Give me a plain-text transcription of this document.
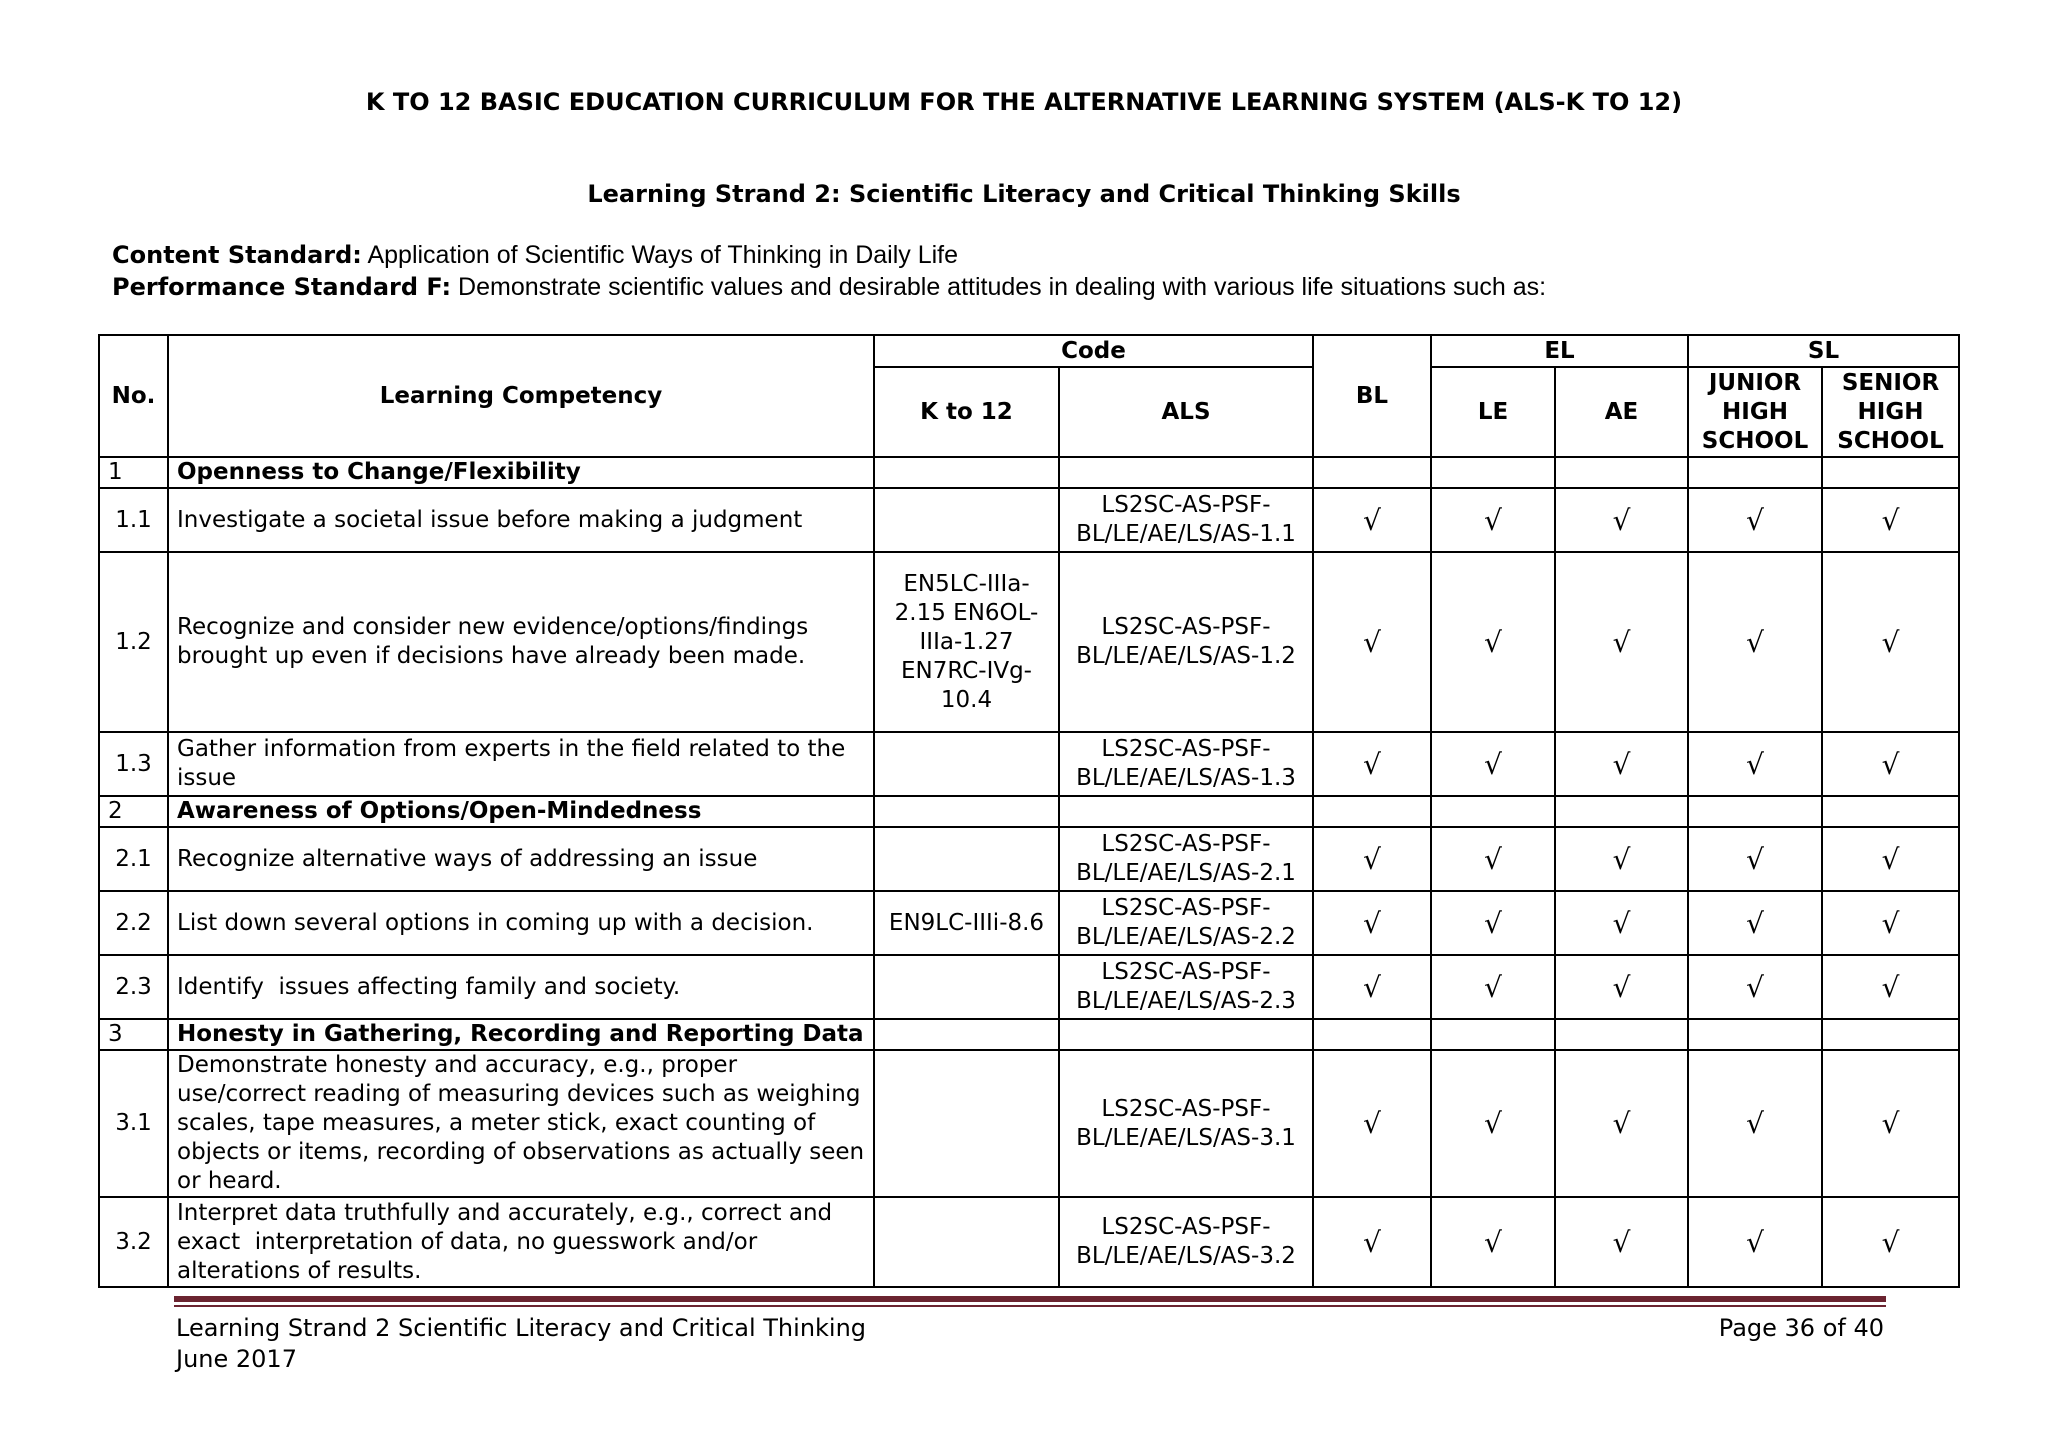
K TO 12 BASIC EDUCATION CURRICULUM FOR THE ALTERNATIVE LEARNING SYSTEM (ALS-K TO 12)
Learning Strand 2: Scientific Literacy and Critical Thinking Skills
Content Standard: Application of Scientific Ways of Thinking in Daily Life
Performance Standard F: Demonstrate scientific values and desirable attitudes in dealing with various life situations such as:
No.	Learning Competency	Code		BL	EL		SL	
		K to 12	ALS		LE	AE	JUNIOR HIGH SCHOOL	SENIOR HIGH SCHOOL
1	Openness to Change/Flexibility							
1.1	Investigate a societal issue before making a judgment		LS2SC-AS-PSF-BL/LE/AE/LS/AS-1.1	√	√	√	√	√
1.2	Recognize and consider new evidence/options/findings brought up even if decisions have already been made.	EN5LC-IIIa-2.15 EN6OL-IIIa-1.27 EN7RC-IVg-10.4	LS2SC-AS-PSF-BL/LE/AE/LS/AS-1.2	√	√	√	√	√
1.3	Gather information from experts in the field related to the issue		LS2SC-AS-PSF-BL/LE/AE/LS/AS-1.3	√	√	√	√	√
2	Awareness of Options/Open-Mindedness							
2.1	Recognize alternative ways of addressing an issue		LS2SC-AS-PSF-BL/LE/AE/LS/AS-2.1	√	√	√	√	√
2.2	List down several options in coming up with a decision.	EN9LC-IIIi-8.6	LS2SC-AS-PSF-BL/LE/AE/LS/AS-2.2	√	√	√	√	√
2.3	Identify  issues affecting family and society.		LS2SC-AS-PSF-BL/LE/AE/LS/AS-2.3	√	√	√	√	√
3	Honesty in Gathering, Recording and Reporting Data							
3.1	Demonstrate honesty and accuracy, e.g., proper use/correct reading of measuring devices such as weighing scales, tape measures, a meter stick, exact counting of objects or items, recording of observations as actually seen or heard.		LS2SC-AS-PSF-BL/LE/AE/LS/AS-3.1	√	√	√	√	√
3.2	Interpret data truthfully and accurately, e.g., correct and exact  interpretation of data, no guesswork and/or alterations of results.		LS2SC-AS-PSF-BL/LE/AE/LS/AS-3.2	√	√	√	√	√
Learning Strand 2 Scientific Literacy and Critical Thinking
June 2017
Page 36 of 40
